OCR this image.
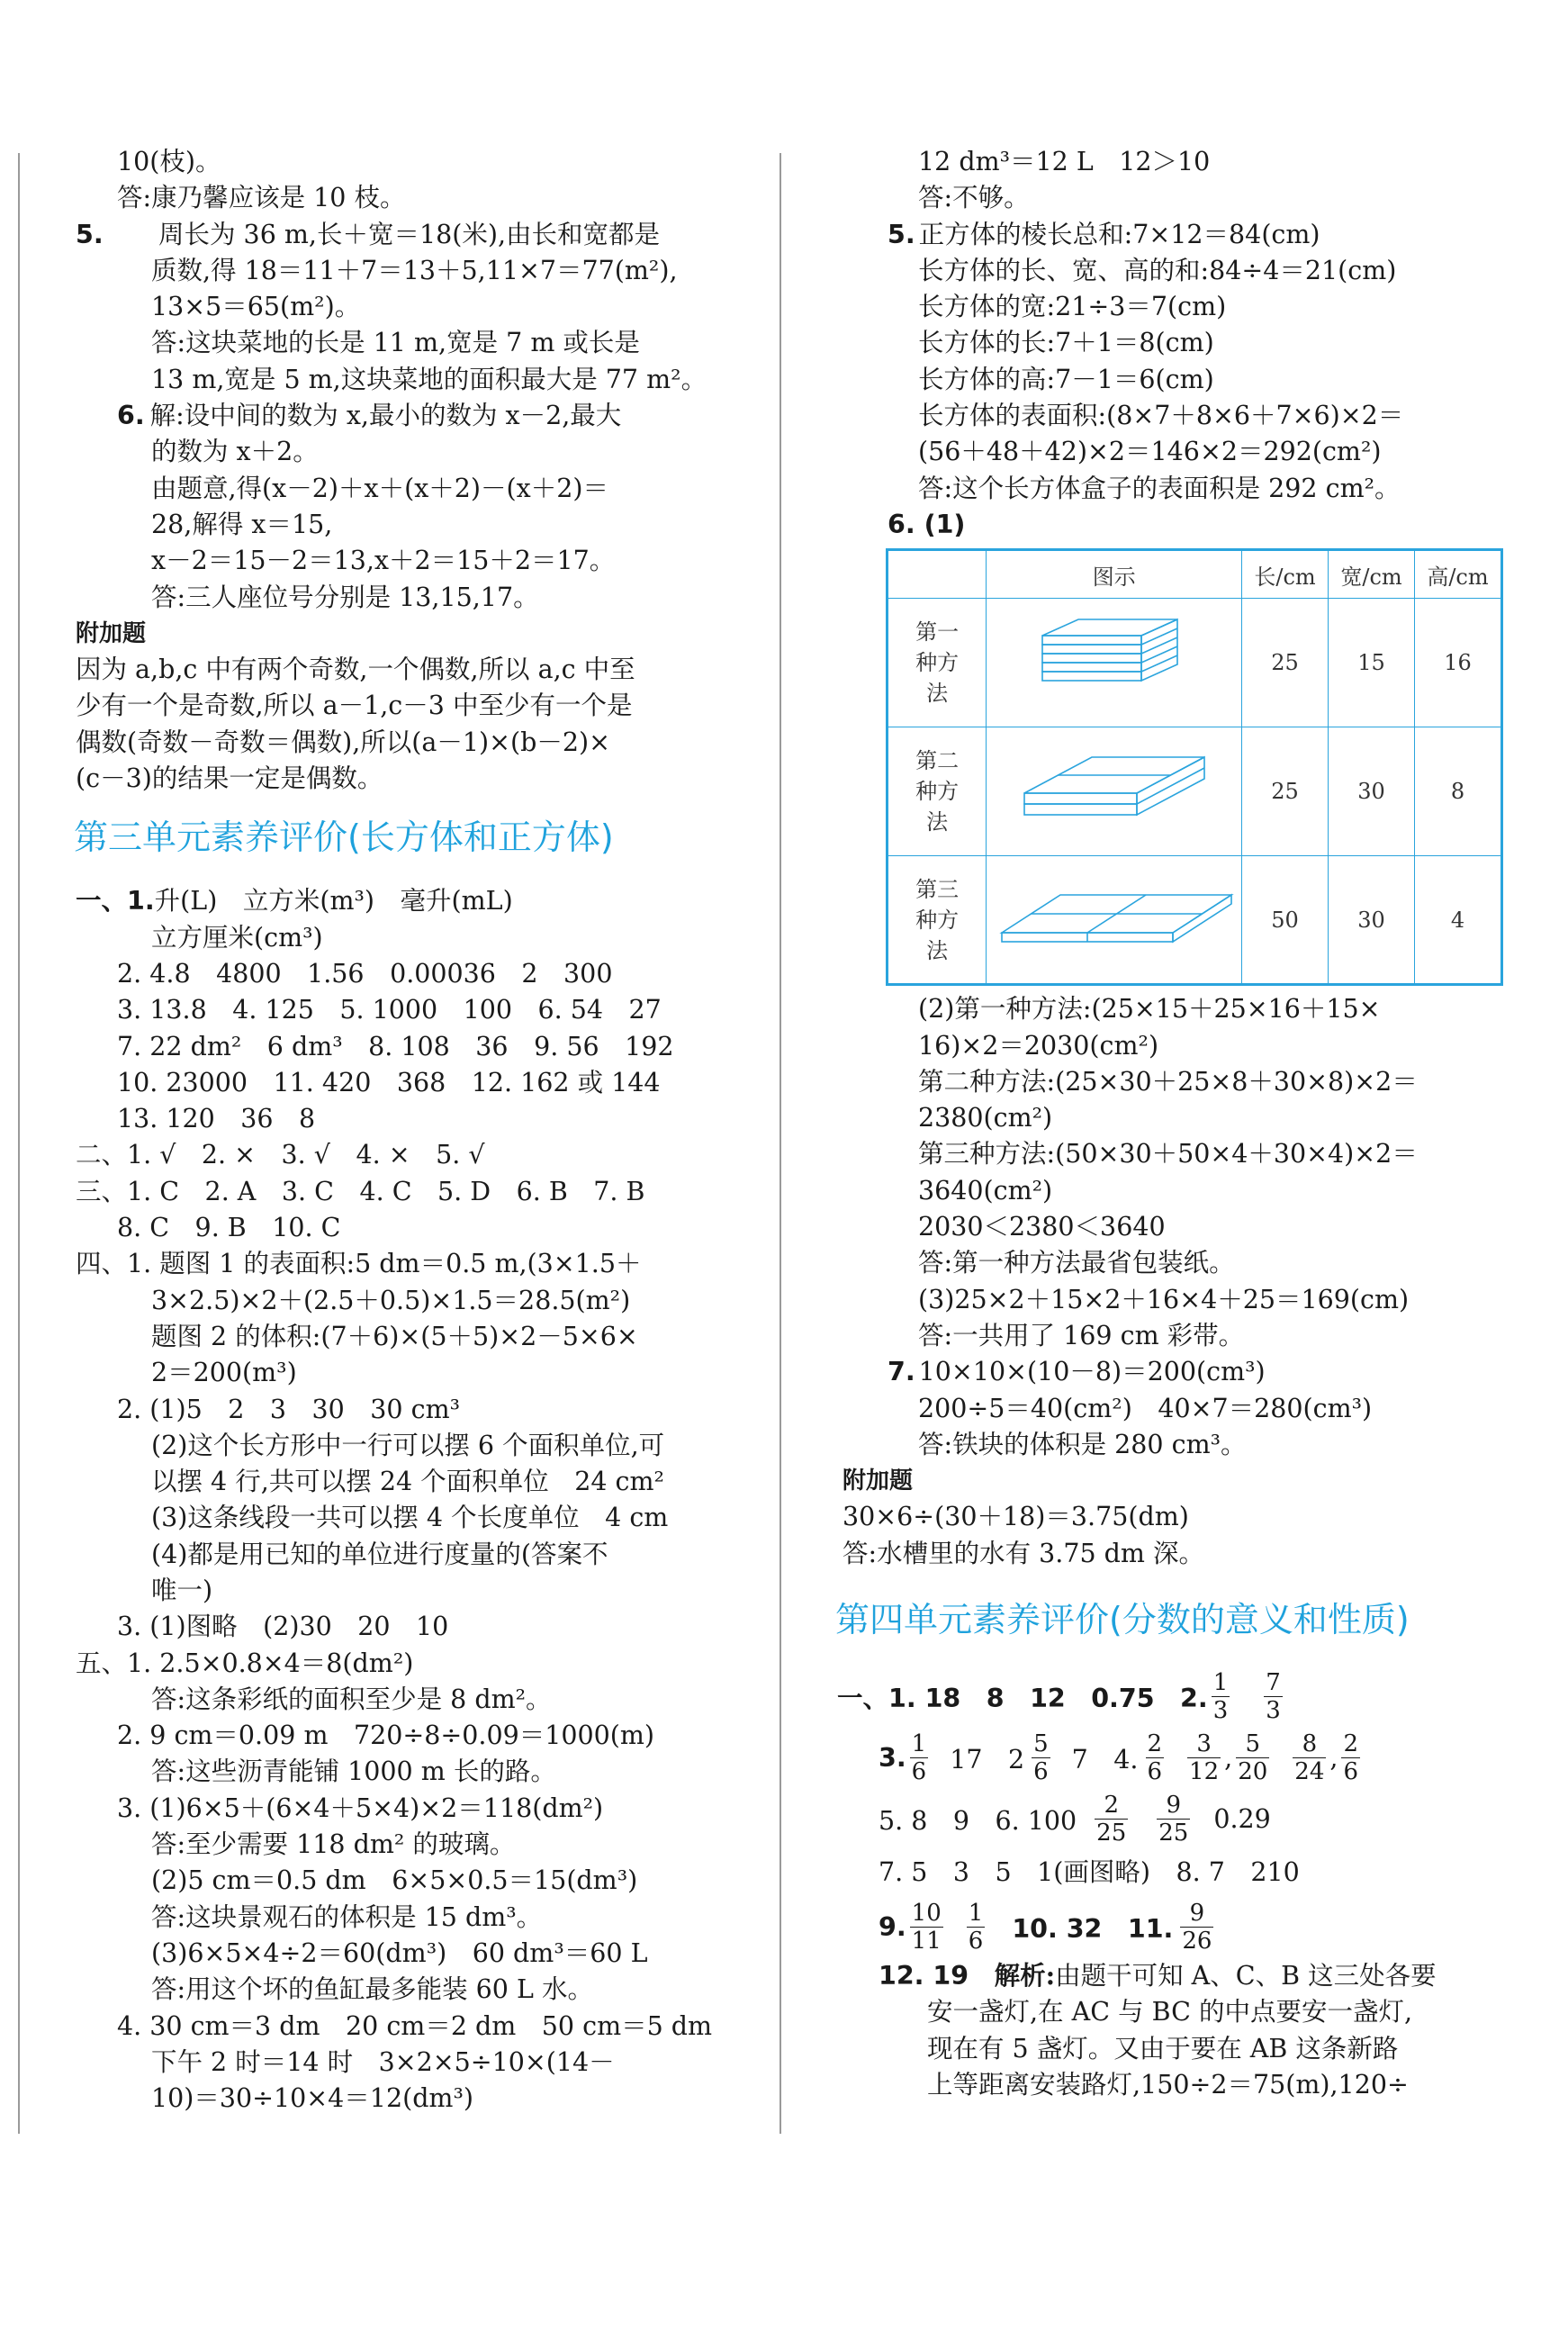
10(枝)。
答:康乃馨应该是 10 枝。
5. 周长为 36 m,长＋宽＝18(米),由长和宽都是
质数,得 18＝11＋7＝13＋5,11×7＝77(m²),
13×5＝65(m²)。
答:这块菜地的长是 11 m,宽是 7 m 或长是
13 m,宽是 5 m,这块菜地的面积最大是 77 m²。
6. 解:设中间的数为 x,最小的数为 x－2,最大
的数为 x＋2。
由题意,得(x－2)＋x＋(x＋2)－(x＋2)＝
28,解得 x＝15,
x－2＝15－2＝13,x＋2＝15＋2＝17。
答:三人座位号分别是 13,15,17。
附加题
因为 a,b,c 中有两个奇数,一个偶数,所以 a,c 中至
少有一个是奇数,所以 a－1,c－3 中至少有一个是
偶数(奇数－奇数＝偶数),所以(a－1)×(b－2)×
(c－3)的结果一定是偶数。
第三单元素养评价(长方体和正方体)
一、1.升(L)　立方米(m³)　毫升(mL)
立方厘米(cm³)
2. 4.8　4800　1.56　0.00036　2　300
3. 13.8　4. 125　5. 1000　100　6. 54　27
7. 22 dm²　6 dm³　8. 108　36　9. 56　192
10. 23000　11. 420　368　12. 162 或 144
13. 120　36　8
二、1. √　2. ×　3. √　4. ×　5. √
三、1. C　2. A　3. C　4. C　5. D　6. B　7. B
8. C　9. B　10. C
四、1. 题图 1 的表面积:5 dm＝0.5 m,(3×1.5＋
3×2.5)×2＋(2.5＋0.5)×1.5＝28.5(m²)
题图 2 的体积:(7＋6)×(5＋5)×2－5×6×
2＝200(m³)
2. (1)5　2　3　30　30 cm³
(2)这个长方形中一行可以摆 6 个面积单位,可
以摆 4 行,共可以摆 24 个面积单位　24 cm²
(3)这条线段一共可以摆 4 个长度单位　4 cm
(4)都是用已知的单位进行度量的(答案不
唯一)
3. (1)图略　(2)30　20　10
五、1. 2.5×0.8×4＝8(dm²)
答:这条彩纸的面积至少是 8 dm²。
2. 9 cm＝0.09 m　720÷8÷0.09＝1000(m)
答:这些沥青能铺 1000 m 长的路。
3. (1)6×5＋(6×4＋5×4)×2＝118(dm²)
答:至少需要 118 dm² 的玻璃。
(2)5 cm＝0.5 dm　6×5×0.5＝15(dm³)
答:这块景观石的体积是 15 dm³。
(3)6×5×4÷2＝60(dm³)　60 dm³＝60 L
答:用这个坏的鱼缸最多能装 60 L 水。
4. 30 cm＝3 dm　20 cm＝2 dm　50 cm＝5 dm
下午 2 时＝14 时　3×2×5÷10×(14－
10)＝30÷10×4＝12(dm³)
12 dm³＝12 L　12＞10
答:不够。
5. 正方体的棱长总和:7×12＝84(cm)
长方体的长、宽、高的和:84÷4＝21(cm)
长方体的宽:21÷3＝7(cm)
长方体的长:7＋1＝8(cm)
长方体的高:7－1＝6(cm)
长方体的表面积:(8×7＋8×6＋7×6)×2＝
(56＋48＋42)×2＝146×2＝292(cm²)
答:这个长方体盒子的表面积是 292 cm²。
6. (1)
	图示	长/cm	宽/cm	高/cm

第一种方法		25	15	16

第二种方法		25	30	8

第三种方法		50	30	4
(2)第一种方法:(25×15＋25×16＋15×
16)×2＝2030(cm²)
第二种方法:(25×30＋25×8＋30×8)×2＝
2380(cm²)
第三种方法:(50×30＋50×4＋30×4)×2＝
3640(cm²)
2030＜2380＜3640
答:第一种方法最省包装纸。
(3)25×2＋15×2＋16×4＋25＝169(cm)
答:一共用了 169 cm 彩带。
7. 10×10×(10－8)＝200(cm³)
200÷5＝40(cm²)　40×7＝280(cm³)
答:铁块的体积是 280 cm³。
附加题
30×6÷(30＋18)＝3.75(dm)
答:水槽里的水有 3.75 dm 深。
第四单元素养评价(分数的意义和性质)
一、1. 18　8　12　0.75　2. $\frac{1}{3} \frac{7}{3}$
3. $\frac{1}{6} 17$　$2 \frac{5}{6} 7$　4. $\frac{2}{6} \frac{3}{12}$ , $\frac{5}{20} \frac{8}{24}$ , $\frac{2}{6}$
5. 8　9　6. $100 \frac{2}{25} \frac{9}{25} 0.29$
7. 5　3　5　1(画图略)　8. 7　210
9. $\frac{10}{11} \frac{1}{6} 10$. 32　11. $\frac{9}{26}$
12. 19　 解析:由题干可知 A、C、B 这三处各要
安一盏灯,在 AC 与 BC 的中点要安一盏灯,
现在有 5 盏灯。又由于要在 AB 这条新路
上等距离安装路灯,150÷2＝75(m),120÷
